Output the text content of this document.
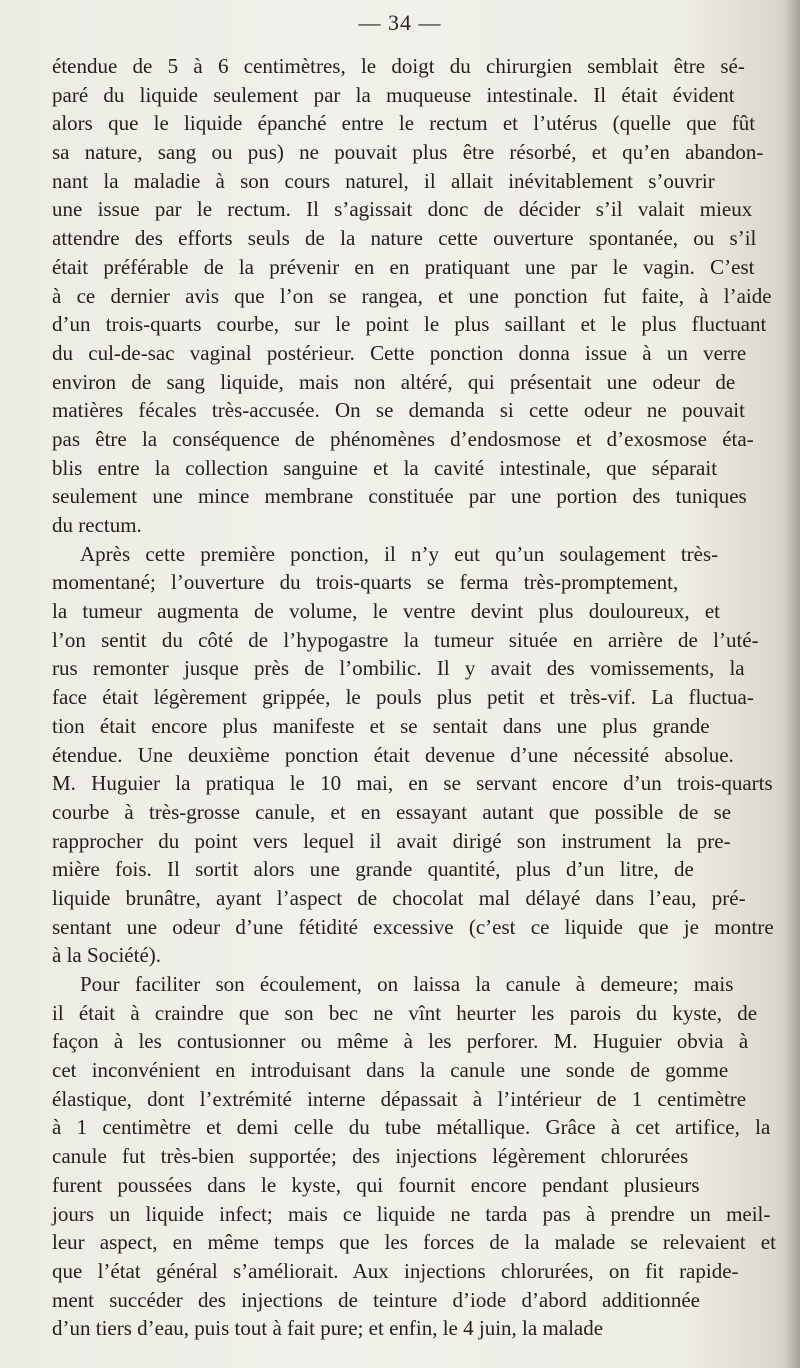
— 34 —
étendue de 5 à 6 centimètres, le doigt du chirurgien semblait être sé-
paré du liquide seulement par la muqueuse intestinale. Il était évident
alors que le liquide épanché entre le rectum et l’utérus (quelle que fût
sa nature, sang ou pus) ne pouvait plus être résorbé, et qu’en abandon-
nant la maladie à son cours naturel, il allait inévitablement s’ouvrir
une issue par le rectum. Il s’agissait donc de décider s’il valait mieux
attendre des efforts seuls de la nature cette ouverture spontanée, ou s’il
était préférable de la prévenir en en pratiquant une par le vagin. C’est
à ce dernier avis que l’on se rangea, et une ponction fut faite, à l’aide
d’un trois-quarts courbe, sur le point le plus saillant et le plus fluctuant
du cul-de-sac vaginal postérieur. Cette ponction donna issue à un verre
environ de sang liquide, mais non altéré, qui présentait une odeur de
matières fécales très-accusée. On se demanda si cette odeur ne pouvait
pas être la conséquence de phénomènes d’endosmose et d’exosmose éta-
blis entre la collection sanguine et la cavité intestinale, que séparait
seulement une mince membrane constituée par une portion des tuniques
du rectum.
Après cette première ponction, il n’y eut qu’un soulagement très-
momentané; l’ouverture du trois-quarts se ferma très-promptement,
la tumeur augmenta de volume, le ventre devint plus douloureux, et
l’on sentit du côté de l’hypogastre la tumeur située en arrière de l’uté-
rus remonter jusque près de l’ombilic. Il y avait des vomissements, la
face était légèrement grippée, le pouls plus petit et très-vif. La fluctua-
tion était encore plus manifeste et se sentait dans une plus grande
étendue. Une deuxième ponction était devenue d’une nécessité absolue.
M. Huguier la pratiqua le 10 mai, en se servant encore d’un trois-quarts
courbe à très-grosse canule, et en essayant autant que possible de se
rapprocher du point vers lequel il avait dirigé son instrument la pre-
mière fois. Il sortit alors une grande quantité, plus d’un litre, de
liquide brunâtre, ayant l’aspect de chocolat mal délayé dans l’eau, pré-
sentant une odeur d’une fétidité excessive (c’est ce liquide que je montre
à la Société).
Pour faciliter son écoulement, on laissa la canule à demeure; mais
il était à craindre que son bec ne vînt heurter les parois du kyste, de
façon à les contusionner ou même à les perforer. M. Huguier obvia à
cet inconvénient en introduisant dans la canule une sonde de gomme
élastique, dont l’extrémité interne dépassait à l’intérieur de 1 centimètre
à 1 centimètre et demi celle du tube métallique. Grâce à cet artifice, la
canule fut très-bien supportée; des injections légèrement chlorurées
furent poussées dans le kyste, qui fournit encore pendant plusieurs
jours un liquide infect; mais ce liquide ne tarda pas à prendre un meil-
leur aspect, en même temps que les forces de la malade se relevaient et
que l’état général s’améliorait. Aux injections chlorurées, on fit rapide-
ment succéder des injections de teinture d’iode d’abord additionnée
d’un tiers d’eau, puis tout à fait pure; et enfin, le 4 juin, la malade
